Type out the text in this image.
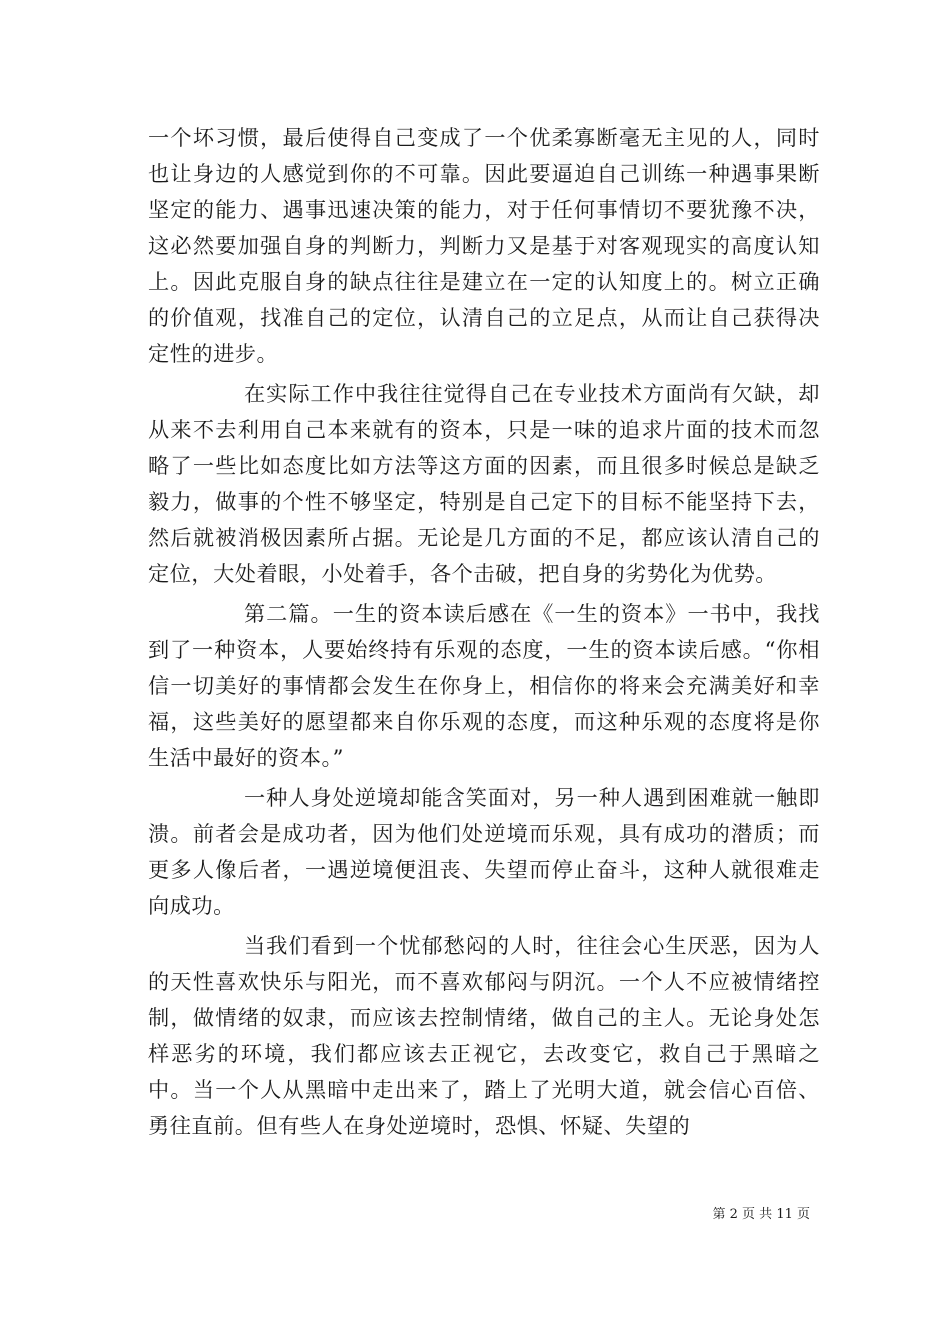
一个坏习惯，最后使得自己变成了一个优柔寡断毫无主见的人，同时也让身边的人感觉到你的不可靠。因此要逼迫自己训练一种遇事果断坚定的能力、遇事迅速决策的能力，对于任何事情切不要犹豫不决，这必然要加强自身的判断力，判断力又是基于对客观现实的高度认知上。因此克服自身的缺点往往是建立在一定的认知度上的。树立正确的价值观，找准自己的定位，认清自己的立足点，从而让自己获得决定性的进步。

在实际工作中我往往觉得自己在专业技术方面尚有欠缺，却从来不去利用自己本来就有的资本，只是一味的追求片面的技术而忽略了一些比如态度比如方法等这方面的因素，而且很多时候总是缺乏毅力，做事的个性不够坚定，特别是自己定下的目标不能坚持下去，然后就被消极因素所占据。无论是几方面的不足，都应该认清自己的定位，大处着眼，小处着手，各个击破，把自身的劣势化为优势。

第二篇。一生的资本读后感在《一生的资本》一书中，我找到了一种资本，人要始终持有乐观的态度，一生的资本读后感。“你相信一切美好的事情都会发生在你身上，相信你的将来会充满美好和幸福，这些美好的愿望都来自你乐观的态度，而这种乐观的态度将是你生活中最好的资本。”

一种人身处逆境却能含笑面对，另一种人遇到困难就一触即溃。前者会是成功者，因为他们处逆境而乐观，具有成功的潜质；而更多人像后者，一遇逆境便沮丧、失望而停止奋斗，这种人就很难走向成功。

当我们看到一个忧郁愁闷的人时，往往会心生厌恶，因为人的天性喜欢快乐与阳光，而不喜欢郁闷与阴沉。一个人不应被情绪控制，做情绪的奴隶，而应该去控制情绪，做自己的主人。无论身处怎样恶劣的环境，我们都应该去正视它，去改变它，救自己于黑暗之中。当一个人从黑暗中走出来了，踏上了光明大道，就会信心百倍、勇往直前。但有些人在身处逆境时，恐惧、怀疑、失望的

第 2 页 共 11 页
